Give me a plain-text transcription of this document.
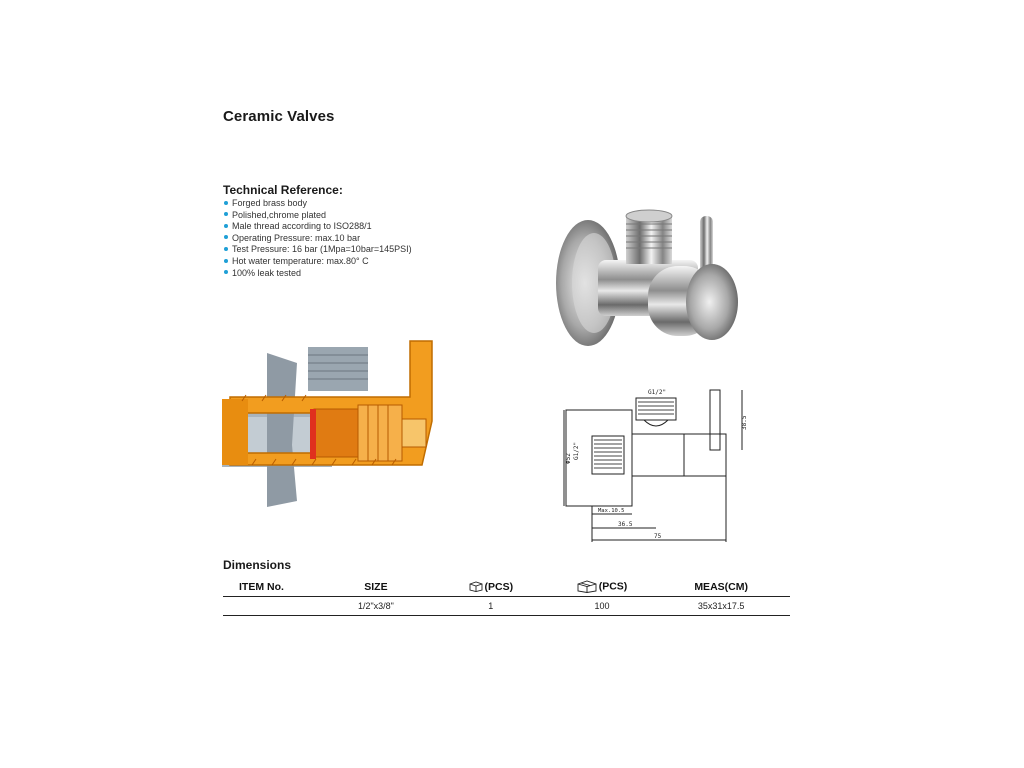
Ceramic Valves
Technical Reference:
Forged brass body
Polished,chrome plated
Male thread according to ISO288/1
Operating Pressure: max.10 bar
Test Pressure: 16 bar (1Mpa=10bar=145PSI)
Hot water temperature: max.80° C
100% leak tested
G1/2"
G1/2"
Φ52
38.5
Max.10.5
36.5
75
Dimensions
ITEM No.	SIZE	(PCS)	(PCS)	MEAS(CM)
	1/2"x3/8"	1	100	35x31x17.5
